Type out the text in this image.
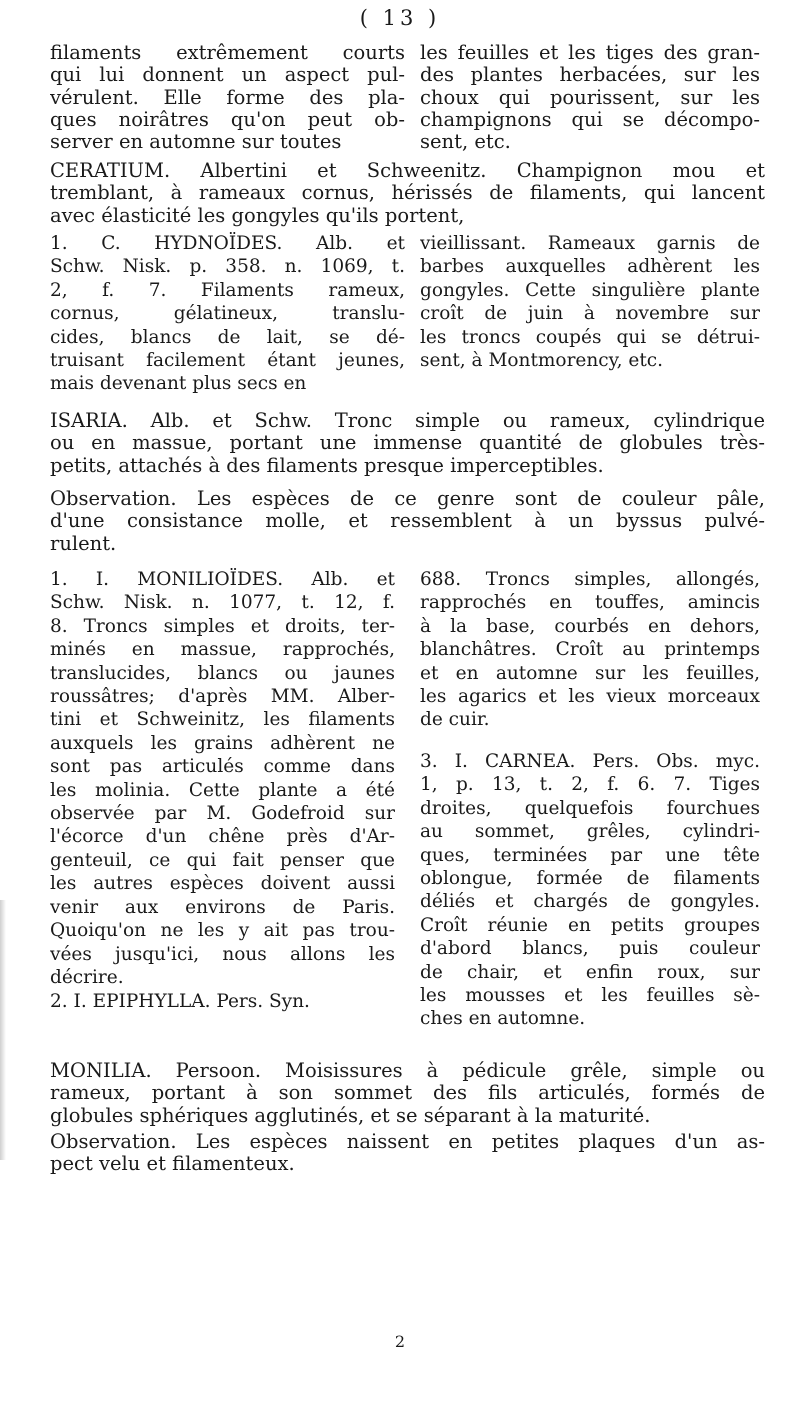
( 13 )
filaments extrêmement courts
qui lui donnent un aspect pul-
vérulent. Elle forme des pla-
ques noirâtres qu'on peut ob-
server en automne sur toutes
les feuilles et les tiges des gran-
des plantes herbacées, sur les
choux qui pourissent, sur les
champignons qui se décompo-
sent, etc.
CERATIUM. Albertini et Schweenitz. Champignon mou et
tremblant, à rameaux cornus, hérissés de filaments, qui lancent
avec élasticité les gongyles qu'ils portent,
1. C. HYDNOÏDES. Alb. et
Schw. Nisk. p. 358. n. 1069, t.
2, f. 7. Filaments rameux,
cornus, gélatineux, translu-
cides, blancs de lait, se dé-
truisant facilement étant jeunes,
mais devenant plus secs en
vieillissant. Rameaux garnis de
barbes auxquelles adhèrent les
gongyles. Cette singulière plante
croît de juin à novembre sur
les troncs coupés qui se détrui-
sent, à Montmorency, etc.
ISARIA. Alb. et Schw. Tronc simple ou rameux, cylindrique
ou en massue, portant une immense quantité de globules très-
petits, attachés à des filaments presque imperceptibles.
Observation. Les espèces de ce genre sont de couleur pâle,
d'une consistance molle, et ressemblent à un byssus pulvé-
rulent.
1. I. MONILIOÏDES. Alb. et
Schw. Nisk. n. 1077, t. 12, f.
8. Troncs simples et droits, ter-
minés en massue, rapprochés,
translucides, blancs ou jaunes
roussâtres; d'après MM. Alber-
tini et Schweinitz, les filaments
auxquels les grains adhèrent ne
sont pas articulés comme dans
les molinia. Cette plante a été
observée par M. Godefroid sur
l'écorce d'un chêne près d'Ar-
genteuil, ce qui fait penser que
les autres espèces doivent aussi
venir aux environs de Paris.
Quoiqu'on ne les y ait pas trou-
vées jusqu'ici, nous allons les
décrire.
2. I. EPIPHYLLA. Pers. Syn.
688. Troncs simples, allongés,
rapprochés en touffes, amincis
à la base, courbés en dehors,
blanchâtres. Croît au printemps
et en automne sur les feuilles,
les agarics et les vieux morceaux
de cuir.
3. I. CARNEA. Pers. Obs. myc.
1, p. 13, t. 2, f. 6. 7. Tiges
droites, quelquefois fourchues
au sommet, grêles, cylindri-
ques, terminées par une tête
oblongue, formée de filaments
déliés et chargés de gongyles.
Croît réunie en petits groupes
d'abord blancs, puis couleur
de chair, et enfin roux, sur
les mousses et les feuilles sè-
ches en automne.
MONILIA. Persoon. Moisissures à pédicule grêle, simple ou
rameux, portant à son sommet des fils articulés, formés de
globules sphériques agglutinés, et se séparant à la maturité.
Observation. Les espèces naissent en petites plaques d'un as-
pect velu et filamenteux.
2
